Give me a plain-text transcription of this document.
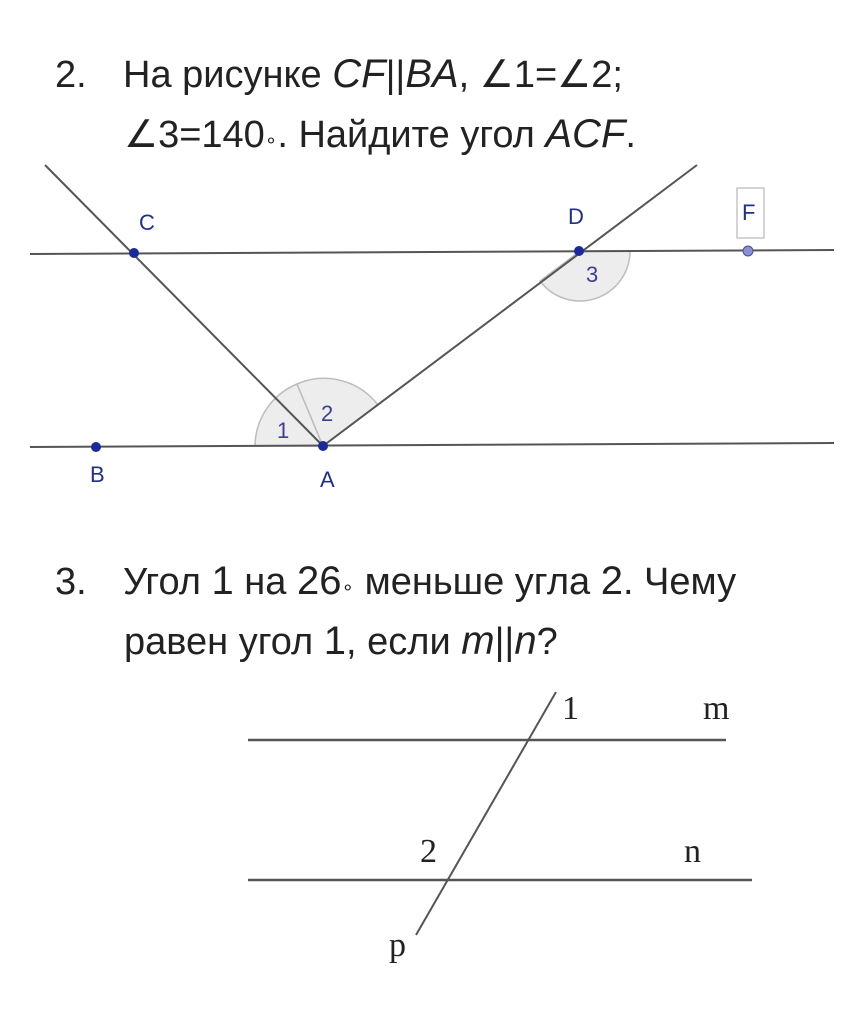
2. На рисунке CF||BA, ∠1=∠2;
∠3=140∘. Найдите угол ACF.
C	D	F
B	A
1
2
3
1	m
2	n
p
3. Угол 1 на 26∘ меньше угла 2. Чему
равен угол 1, если m||n?
